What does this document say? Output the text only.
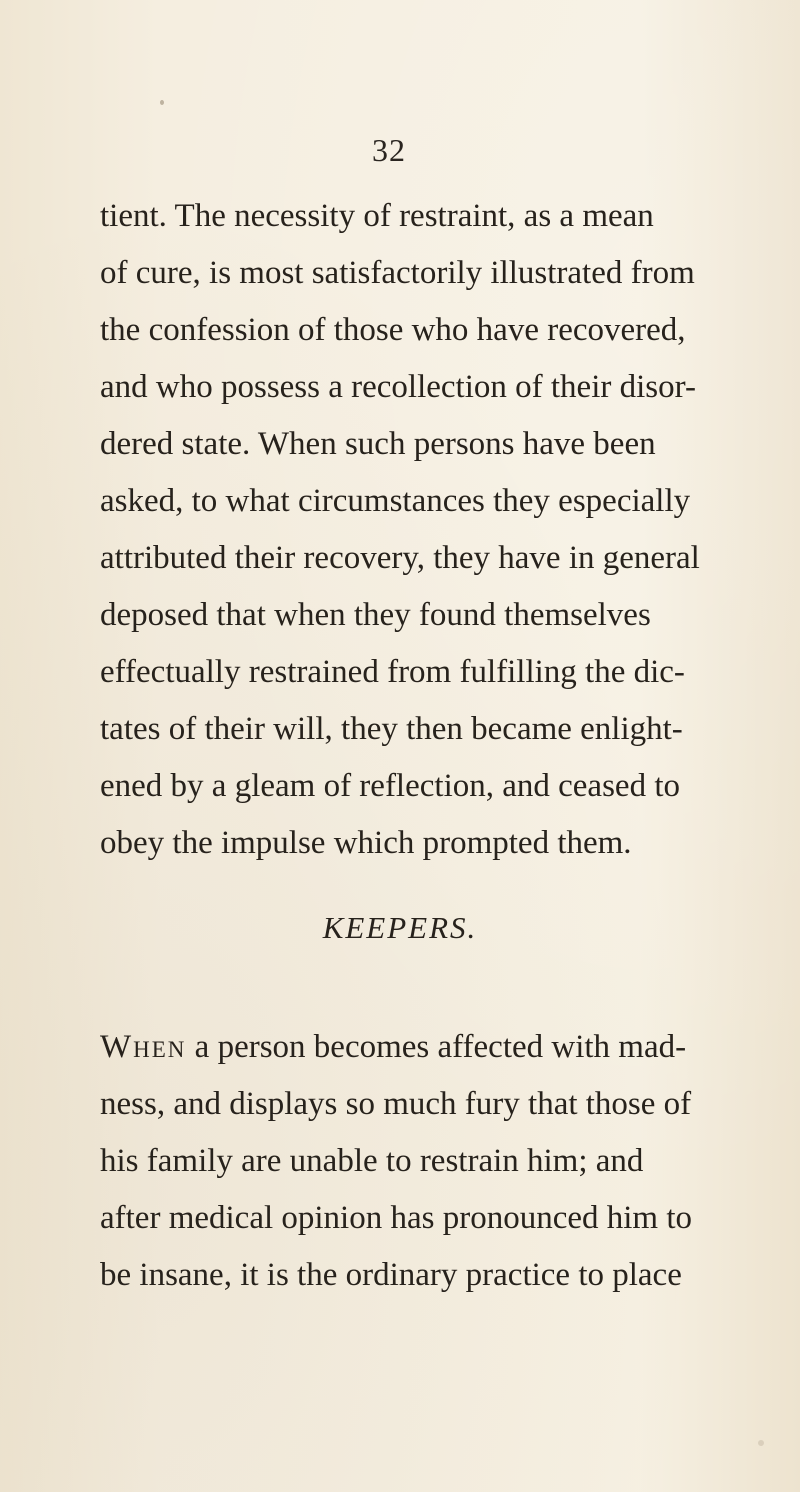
32
tient. The necessity of restraint, as a mean
of cure, is most satisfactorily illustrated from
the confession of those who have recovered,
and who possess a recollection of their disor-
dered state. When such persons have been
asked, to what circumstances they especially
attributed their recovery, they have in general
deposed that when they found themselves
effectually restrained from fulfilling the dic-
tates of their will, they then became enlight-
ened by a gleam of reflection, and ceased to
obey the impulse which prompted them.
KEEPERS.
When a person becomes affected with mad-
ness, and displays so much fury that those of
his family are unable to restrain him; and
after medical opinion has pronounced him to
be insane, it is the ordinary practice to place
